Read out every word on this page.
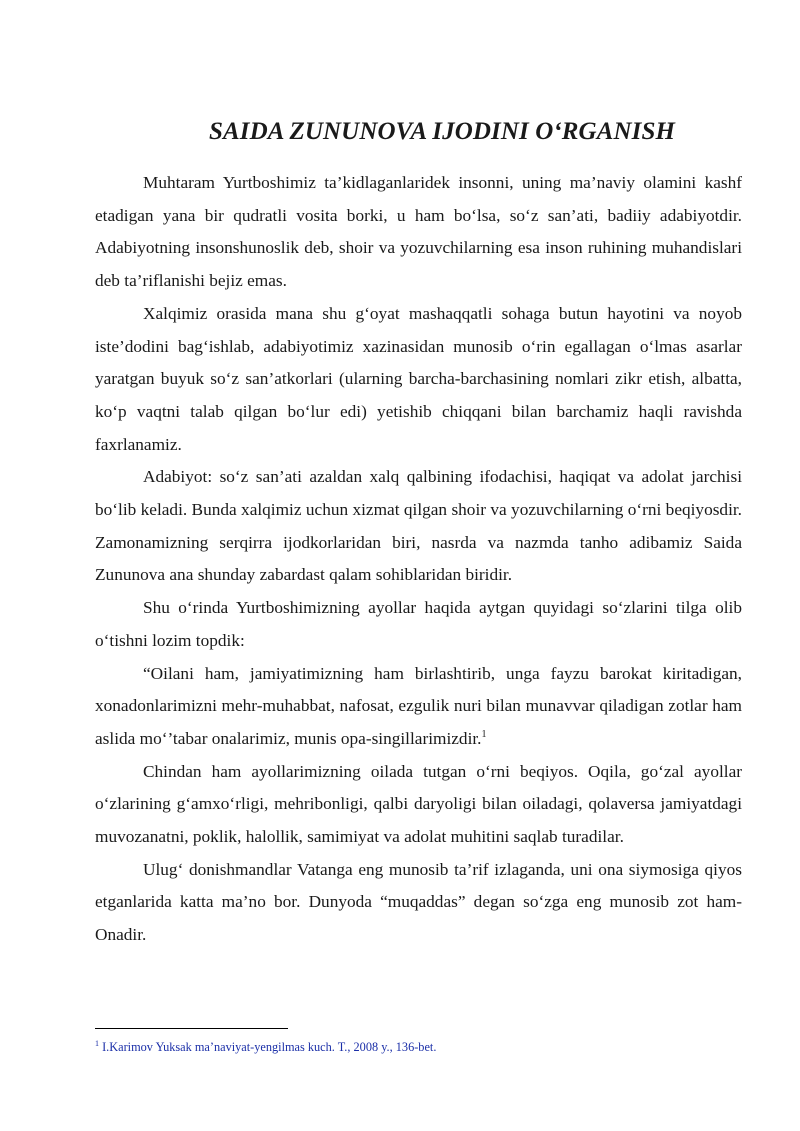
SAIDA ZUNUNOVA IJODINI O‘RGANISH

Muhtaram Yurtboshimiz ta’kidlaganlaridek insonni, uning ma’naviy olamini kashf etadigan yana bir qudratli vosita borki, u ham bo‘lsa, so‘z san’ati, badiiy adabiyotdir. Adabiyotning insonshunoslik deb, shoir va yozuvchilarning esa inson ruhining muhandislari deb ta’riflanishi bejiz emas.

Xalqimiz orasida mana shu g‘oyat mashaqqatli sohaga butun hayotini va noyob iste’dodini bag‘ishlab, adabiyotimiz xazinasidan munosib o‘rin egallagan o‘lmas asarlar yaratgan buyuk so‘z san’atkorlari (ularning barcha-barchasining nomlari zikr etish, albatta, ko‘p vaqtni talab qilgan bo‘lur edi) yetishib chiqqani bilan barchamiz haqli ravishda faxrlanamiz.

Adabiyot: so‘z san’ati azaldan xalq qalbining ifodachisi, haqiqat va adolat jarchisi bo‘lib keladi. Bunda xalqimiz uchun xizmat qilgan shoir va yozuvchilarning o‘rni beqiyosdir. Zamonamizning serqirra ijodkorlaridan biri, nasrda va nazmda tanho adibamiz Saida Zununova ana shunday zabardast qalam sohiblaridan biridir.

Shu o‘rinda Yurtboshimizning ayollar haqida aytgan quyidagi so‘zlarini tilga olib o‘tishni lozim topdik:

“Oilani ham, jamiyatimizning ham birlashtirib, unga fayzu barokat kiritadigan, xonadonlarimizni mehr-muhabbat, nafosat, ezgulik nuri bilan munavvar qiladigan zotlar ham aslida mo‘’tabar onalarimiz, munis opa-singillarimizdir.$^1$

Chindan ham ayollarimizning oilada tutgan o‘rni beqiyos. Oqila, go‘zal ayollar o‘zlarining g‘amxo‘rligi, mehribonligi, qalbi daryoligi bilan oiladagi, qolaversa jamiyatdagi muvozanatni, poklik, halollik, samimiyat va adolat muhitini saqlab turadilar.

Ulug‘ donishmandlar Vatanga eng munosib ta’rif izlaganda, uni ona siymosiga qiyos etganlarida katta ma’no bor. Dunyoda “muqaddas” degan so‘zga eng munosib zot ham-Onadir.

$^1$ I.Karimov Yuksak ma’naviyat-yengilmas kuch. T., 2008 y., 136-bet.
